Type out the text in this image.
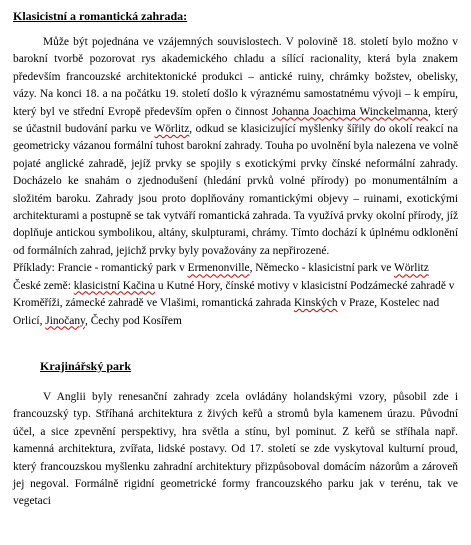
Klasicistní a romantická zahrada:

Může být pojednána ve vzájemných souvislostech. V polovině 18. století bylo možno v barokní tvorbě pozorovat rys akademického chladu a sílící racionality, která byla znakem především francouzské architektonické produkci – antické ruiny, chrámky božstev, obelisky, vázy. Na konci 18. a na počátku 19. století došlo k výraznému samostatnému vývoji – k empíru, který byl ve střední Evropě především opřen o činnost Johanna Joachima Winckelmanna, který se účastnil budování parku ve Wörlitz, odkud se klasicizující myšlenky šířily do okolí reakcí na geometricky vázanou formální tuhost barokní zahrady. Touha po uvolnění byla nalezena ve volně pojaté anglické zahradě, jejíž prvky se spojily s exotickými prvky čínské neformální zahrady. Docházelo ke snahám o zjednodušení (hledání prvků volné přírody) po monumentálním a složitém baroku. Zahrady jsou proto doplňovány romantickými objevy – ruinami, exotickými architekturami a postupně se tak vytváří romantická zahrada. Ta využívá prvky okolní přírody, jíž doplňuje antickou symbolikou, altány, skulpturami, chrámy. Tímto dochází k úplnému odklonění od formálních zahrad, jejichž prvky byly považovány za nepřirozené.

Příklady: Francie - romantický park v Ermenonville, Německo - klasicistní park ve Wörlitz

České země: klasicistní Kačina u Kutné Hory, čínské motivy v klasicistní Podzámecké zahradě v Kroměříži, zámecké zahradě ve Vlašimi, romantická zahrada Kinských v Praze, Kostelec nad Orlicí, Jinočany, Čechy pod Kosířem

Krajinářský park

V Anglii byly renesanční zahrady zcela ovládány holandskými vzory, působil zde i francouzský typ. Stříhaná architektura z živých keřů a stromů byla kamenem úrazu. Původní účel, a sice zpevnění perspektivy, hra světla a stínu, byl pominut. Z keřů se stříhala např. kamenná architektura, zvířata, lidské postavy. Od 17. století se zde vyskytoval kulturní proud, který francouzskou myšlenku zahradní architektury přizpůsoboval domácím názorům a zároveň jej negoval. Formálně rigidní geometrické formy francouzského parku jak v terénu, tak ve vegetaci
